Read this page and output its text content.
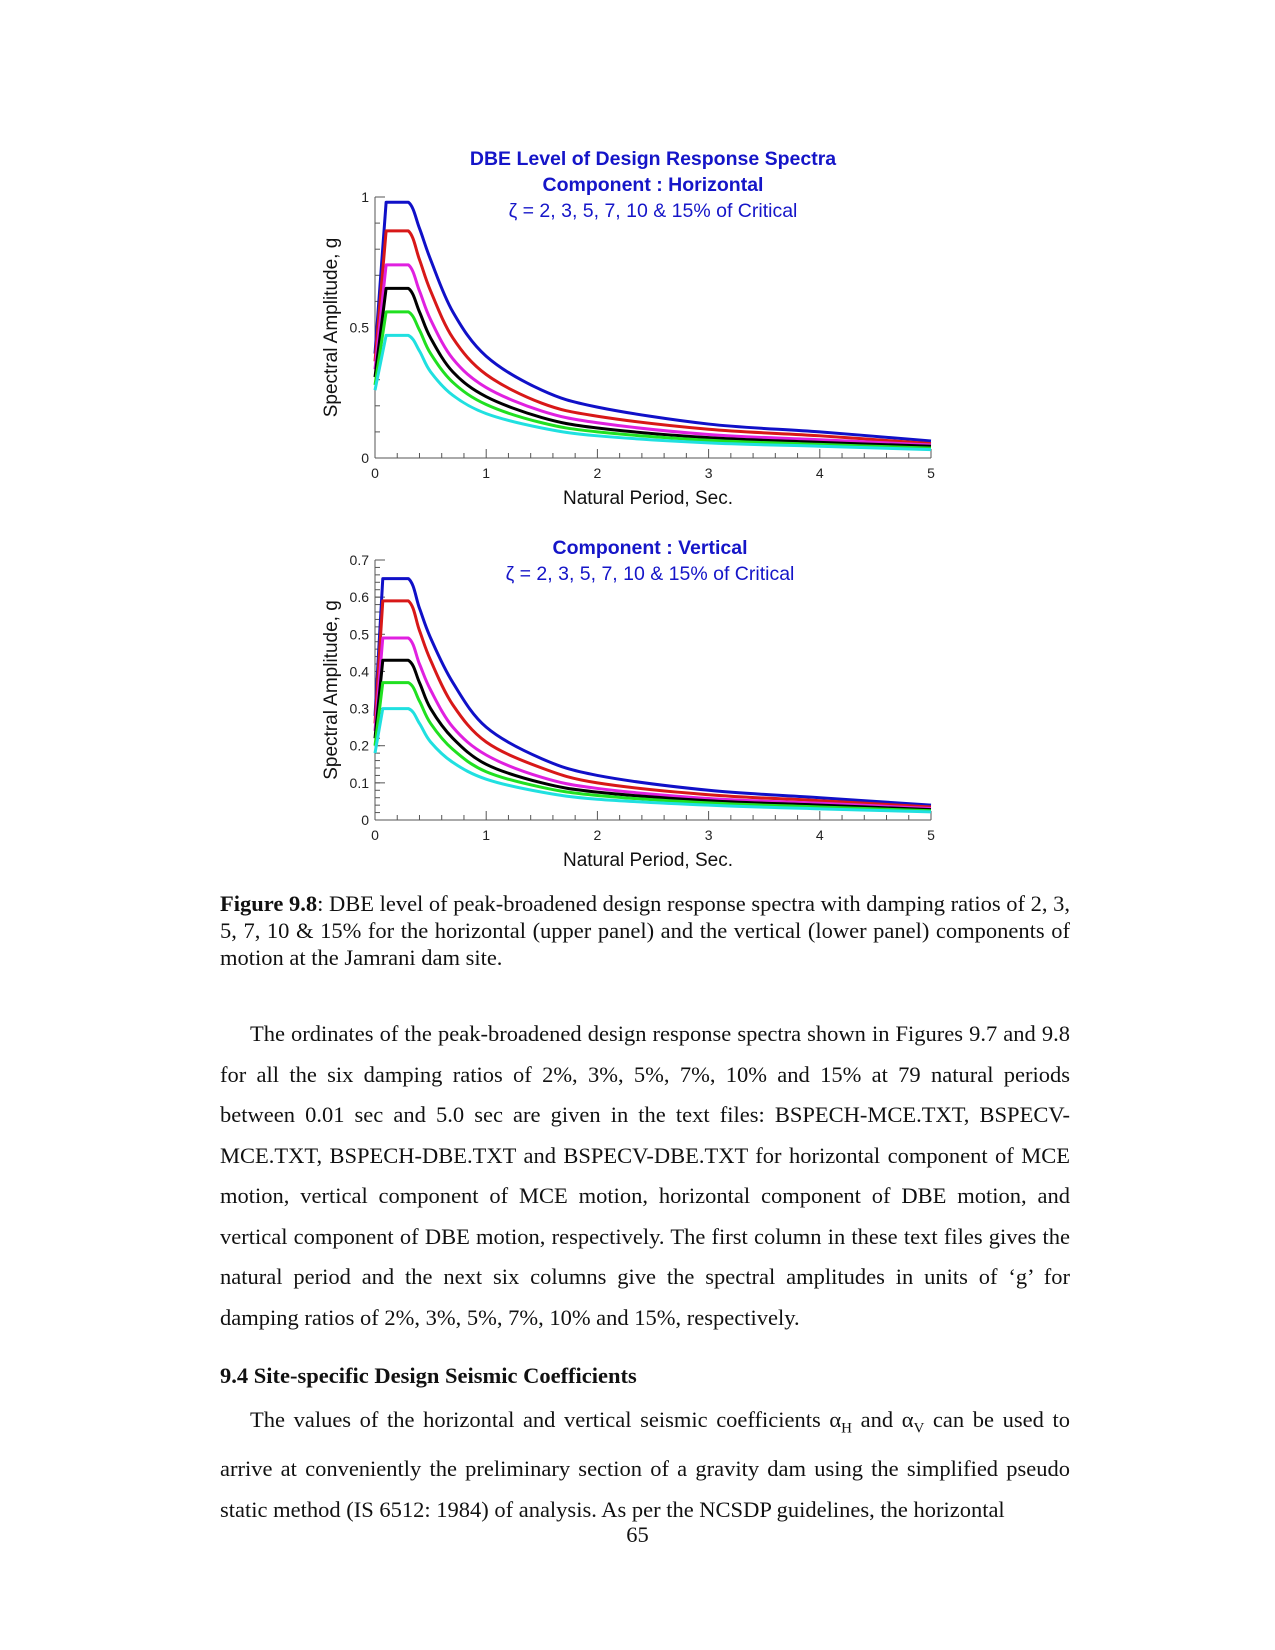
0
0.5
1
0	1	2	3	4	5
Natural Period, Sec.
Spectral Amplitude, g
DBE Level of Design Response Spectra
Component : Horizontal
ζ = 2, 3, 5, 7, 10 & 15% of Critical
0
0.1
0.2
0.3
0.4
0.5
0.6
0.7
0	1	2	3	4	5
Natural Period, Sec.
Spectral Amplitude, g
Component : Vertical
ζ = 2, 3, 5, 7, 10 & 15% of Critical
Figure 9.8: DBE level of peak-broadened design response spectra with damping ratios of 2, 3, 5, 7, 10 & 15% for the horizontal (upper panel) and the vertical (lower panel) components of motion at the Jamrani dam site.
The ordinates of the peak-broadened design response spectra shown in Figures 9.7 and 9.8 for all the six damping ratios of 2%, 3%, 5%, 7%, 10% and 15% at 79 natural periods between 0.01 sec and 5.0 sec are given in the text files: BSPECH-MCE.TXT, BSPECV-MCE.TXT, BSPECH-DBE.TXT and BSPECV-DBE.TXT for horizontal component of MCE motion, vertical component of MCE motion, horizontal component of DBE motion, and vertical component of DBE motion, respectively. The first column in these text files gives the natural period and the next six columns give the spectral amplitudes in units of ‘g’ for damping ratios of 2%, 3%, 5%, 7%, 10% and 15%, respectively.
9.4 Site-specific Design Seismic Coefficients
The values of the horizontal and vertical seismic coefficients $\alpha_H$ and $\alpha_V$ can be used to arrive at conveniently the preliminary section of a gravity dam using the simplified pseudo static method (IS 6512: 1984) of analysis. As per the NCSDP guidelines, the horizontal
65
